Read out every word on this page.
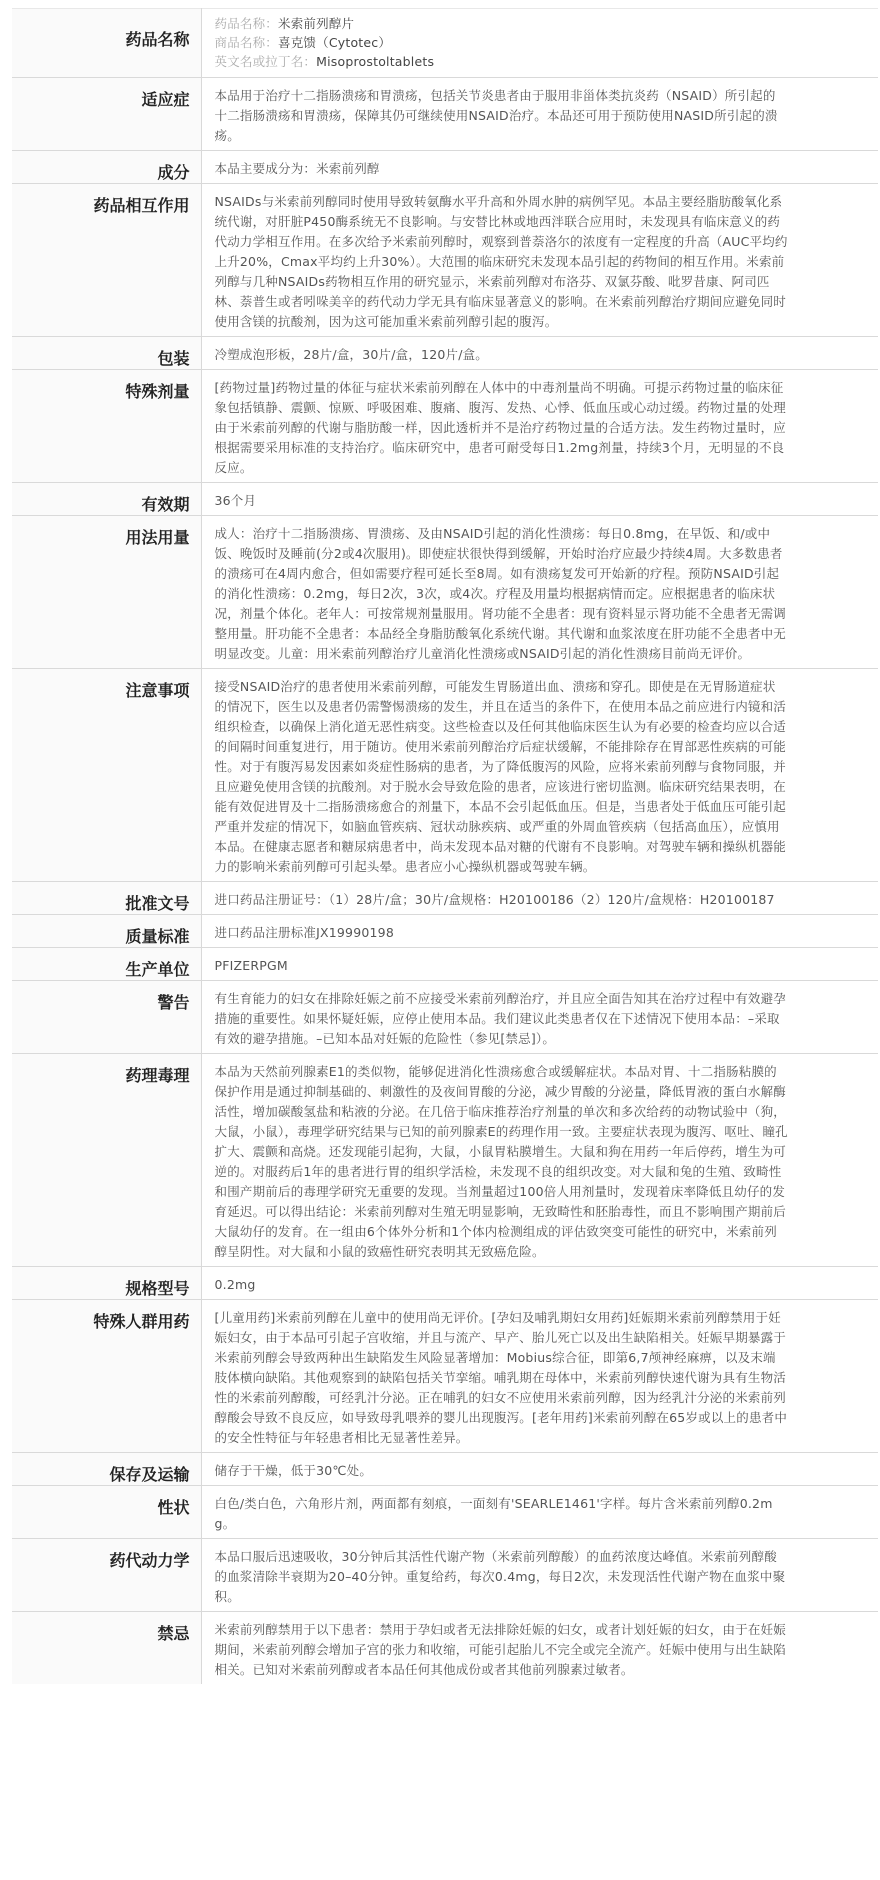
药品名称	药品名称：米索前列醇片
商品名称：喜克馈（Cytotec）
英文名或拉丁名：Misoprostoltablets

适应症	本品用于治疗十二指肠溃疡和胃溃疡，包括关节炎患者由于服用非甾体类抗炎药（NSAID）所引起的十二指肠溃疡和胃溃疡，保障其仍可继续使用NSAID治疗。本品还可用于预防使用NASID所引起的溃疡。
成分	本品主要成分为：米索前列醇
药品相互作用	NSAIDs与米索前列醇同时使用导致转氨酶水平升高和外周水肿的病例罕见。本品主要经脂肪酸氧化系统代谢，对肝脏P450酶系统无不良影响。与安替比林或地西泮联合应用时，未发现具有临床意义的药代动力学相互作用。在多次给予米索前列醇时，观察到普萘洛尔的浓度有一定程度的升高（AUC平均约上升20%，Cmax平均约上升30%）。大范围的临床研究未发现本品引起的药物间的相互作用。米索前列醇与几种NSAIDs药物相互作用的研究显示，米索前列醇对布洛芬、双氯芬酸、吡罗昔康、阿司匹林、萘普生或者吲哚美辛的药代动力学无具有临床显著意义的影响。在米索前列醇治疗期间应避免同时使用含镁的抗酸剂，因为这可能加重米索前列醇引起的腹泻。
包装	冷塑成泡形板，28片/盒，30片/盒，120片/盒。
特殊剂量	[药物过量]药物过量的体征与症状米索前列醇在人体中的中毒剂量尚不明确。可提示药物过量的临床征象包括镇静、震颤、惊厥、呼吸困难、腹痛、腹泻、发热、心悸、低血压或心动过缓。药物过量的处理由于米索前列醇的代谢与脂肪酸一样，因此透析并不是治疗药物过量的合适方法。发生药物过量时，应根据需要采用标准的支持治疗。临床研究中，患者可耐受每日1.2mg剂量，持续3个月，无明显的不良反应。
有效期	36个月
用法用量	成人：治疗十二指肠溃疡、胃溃疡、及由NSAID引起的消化性溃疡：每日0.8mg，在早饭、和/或中饭、晚饭时及睡前(分2或4次服用)。即使症状很快得到缓解，开始时治疗应最少持续4周。大多数患者的溃疡可在4周内愈合，但如需要疗程可延长至8周。如有溃疡复发可开始新的疗程。预防NSAID引起的消化性溃疡：0.2mg，每日2次，3次，或4次。疗程及用量均根据病情而定。应根据患者的临床状况，剂量个体化。老年人：可按常规剂量服用。肾功能不全患者：现有资料显示肾功能不全患者无需调整用量。肝功能不全患者：本品经全身脂肪酸氧化系统代谢。其代谢和血浆浓度在肝功能不全患者中无明显改变。儿童：用米索前列醇治疗儿童消化性溃疡或NSAID引起的消化性溃疡目前尚无评价。
注意事项	接受NSAID治疗的患者使用米索前列醇，可能发生胃肠道出血、溃疡和穿孔。即使是在无胃肠道症状的情况下，医生以及患者仍需警惕溃疡的发生，并且在适当的条件下，在使用本品之前应进行内镜和活组织检查，以确保上消化道无恶性病变。这些检查以及任何其他临床医生认为有必要的检查均应以合适的间隔时间重复进行，用于随访。使用米索前列醇治疗后症状缓解，不能排除存在胃部恶性疾病的可能性。对于有腹泻易发因素如炎症性肠病的患者，为了降低腹泻的风险，应将米索前列醇与食物同服，并且应避免使用含镁的抗酸剂。对于脱水会导致危险的患者，应该进行密切监测。临床研究结果表明，在能有效促进胃及十二指肠溃疡愈合的剂量下，本品不会引起低血压。但是，当患者处于低血压可能引起严重并发症的情况下，如脑血管疾病、冠状动脉疾病、或严重的外周血管疾病（包括高血压），应慎用本品。在健康志愿者和糖尿病患者中，尚未发现本品对糖的代谢有不良影响。对驾驶车辆和操纵机器能力的影响米索前列醇可引起头晕。患者应小心操纵机器或驾驶车辆。
批准文号	进口药品注册证号：（1）28片/盒；30片/盒规格：H20100186（2）120片/盒规格：H20100187
质量标准	进口药品注册标准JX19990198
生产单位	PFIZERPGM
警告	有生育能力的妇女在排除妊娠之前不应接受米索前列醇治疗，并且应全面告知其在治疗过程中有效避孕措施的重要性。如果怀疑妊娠，应停止使用本品。我们建议此类患者仅在下述情况下使用本品：–采取有效的避孕措施。–已知本品对妊娠的危险性（参见[禁忌]）。
药理毒理	本品为天然前列腺素E1的类似物，能够促进消化性溃疡愈合或缓解症状。本品对胃、十二指肠粘膜的保护作用是通过抑制基础的、刺激性的及夜间胃酸的分泌，减少胃酸的分泌量，降低胃液的蛋白水解酶活性，增加碳酸氢盐和粘液的分泌。在几倍于临床推荐治疗剂量的单次和多次给药的动物试验中（狗，大鼠，小鼠），毒理学研究结果与已知的前列腺素E的药理作用一致。主要症状表现为腹泻、呕吐、瞳孔扩大、震颤和高烧。还发现能引起狗，大鼠，小鼠胃粘膜增生。大鼠和狗在用药一年后停药，增生为可逆的。对服药后1年的患者进行胃的组织学活检，未发现不良的组织改变。对大鼠和兔的生殖、致畸性和围产期前后的毒理学研究无重要的发现。当剂量超过100倍人用剂量时，发现着床率降低且幼仔的发育延迟。可以得出结论：米索前列醇对生殖无明显影响，无致畸性和胚胎毒性，而且不影响围产期前后大鼠幼仔的发育。在一组由6个体外分析和1个体内检测组成的评估致突变可能性的研究中，米索前列醇呈阴性。对大鼠和小鼠的致癌性研究表明其无致癌危险。
规格型号	0.2mg
特殊人群用药	[儿童用药]米索前列醇在儿童中的使用尚无评价。[孕妇及哺乳期妇女用药]妊娠期米索前列醇禁用于妊娠妇女，由于本品可引起子宫收缩，并且与流产、早产、胎儿死亡以及出生缺陷相关。妊娠早期暴露于米索前列醇会导致两种出生缺陷发生风险显著增加：Mobius综合征，即第6,7颅神经麻痹，以及末端肢体横向缺陷。其他观察到的缺陷包括关节挛缩。哺乳期在母体中，米索前列醇快速代谢为具有生物活性的米索前列醇酸，可经乳汁分泌。正在哺乳的妇女不应使用米索前列醇，因为经乳汁分泌的米索前列醇酸会导致不良反应，如导致母乳喂养的婴儿出现腹泻。[老年用药]米索前列醇在65岁或以上的患者中的安全性特征与年轻患者相比无显著性差异。
保存及运输	储存于干燥，低于30℃处。
性状	白色/类白色，六角形片剂，两面都有刻痕，一面刻有'SEARLE1461'字样。每片含米索前列醇0.2mg。
药代动力学	本品口服后迅速吸收，30分钟后其活性代谢产物（米索前列醇酸）的血药浓度达峰值。米索前列醇酸的血浆清除半衰期为20–40分钟。重复给药，每次0.4mg，每日2次，未发现活性代谢产物在血浆中聚积。
禁忌	米索前列醇禁用于以下患者：禁用于孕妇或者无法排除妊娠的妇女，或者计划妊娠的妇女，由于在妊娠期间，米索前列醇会增加子宫的张力和收缩，可能引起胎儿不完全或完全流产。妊娠中使用与出生缺陷相关。已知对米索前列醇或者本品任何其他成份或者其他前列腺素过敏者。
